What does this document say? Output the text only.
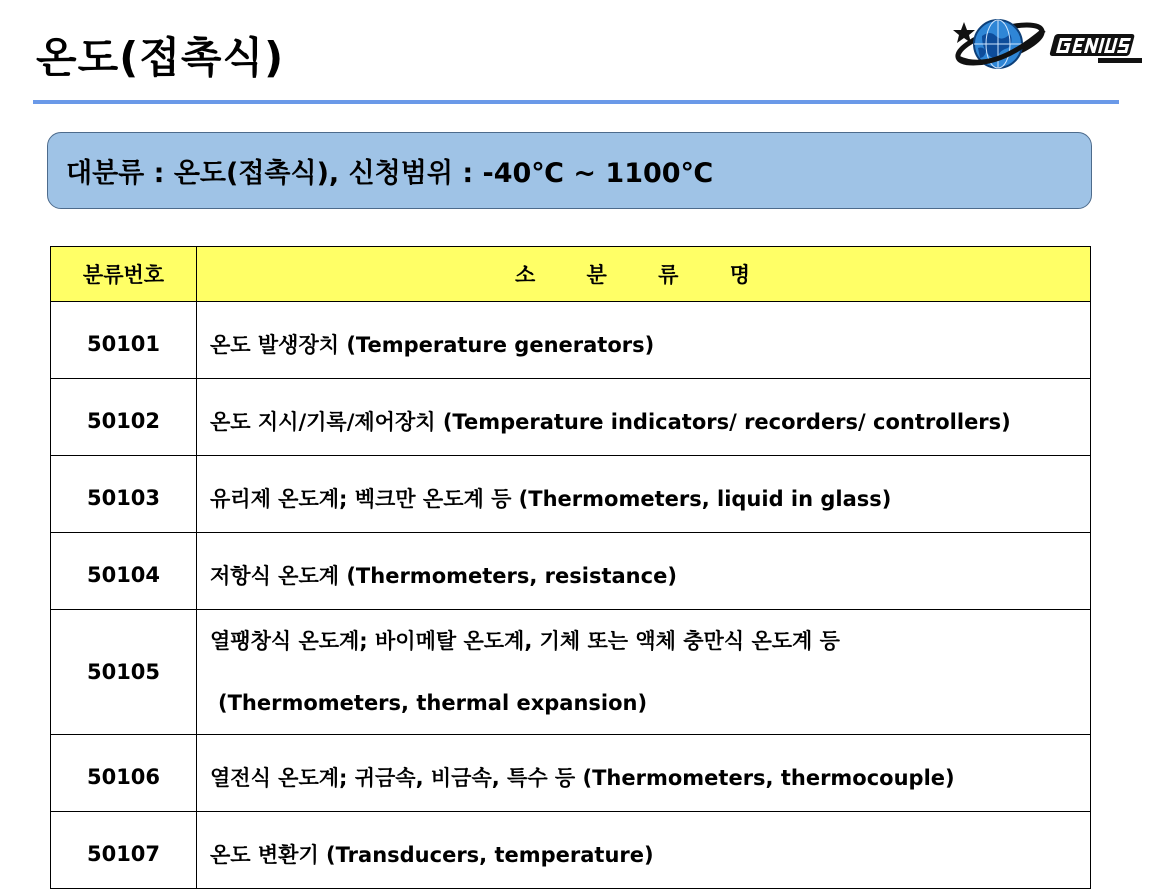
온도(접촉식)
대분류 : 온도(접촉식), 신청범위 : -40℃ ~ 1100℃
분류번호	소 분 류 명
50101	온도 발생장치 (Temperature generators)
50102	온도 지시/기록/제어장치 (Temperature indicators/ recorders/ controllers)
50103	유리제 온도계; 벡크만 온도계 등 (Thermometers, liquid in glass)
50104	저항식 온도계 (Thermometers, resistance)
50105	열팽창식 온도계; 바이메탈 온도계, 기체 또는 액체 충만식 온도계 등
(Thermometers, thermal expansion)

50106	열전식 온도계; 귀금속, 비금속, 특수 등 (Thermometers, thermocouple)
50107	온도 변환기 (Transducers, temperature)
